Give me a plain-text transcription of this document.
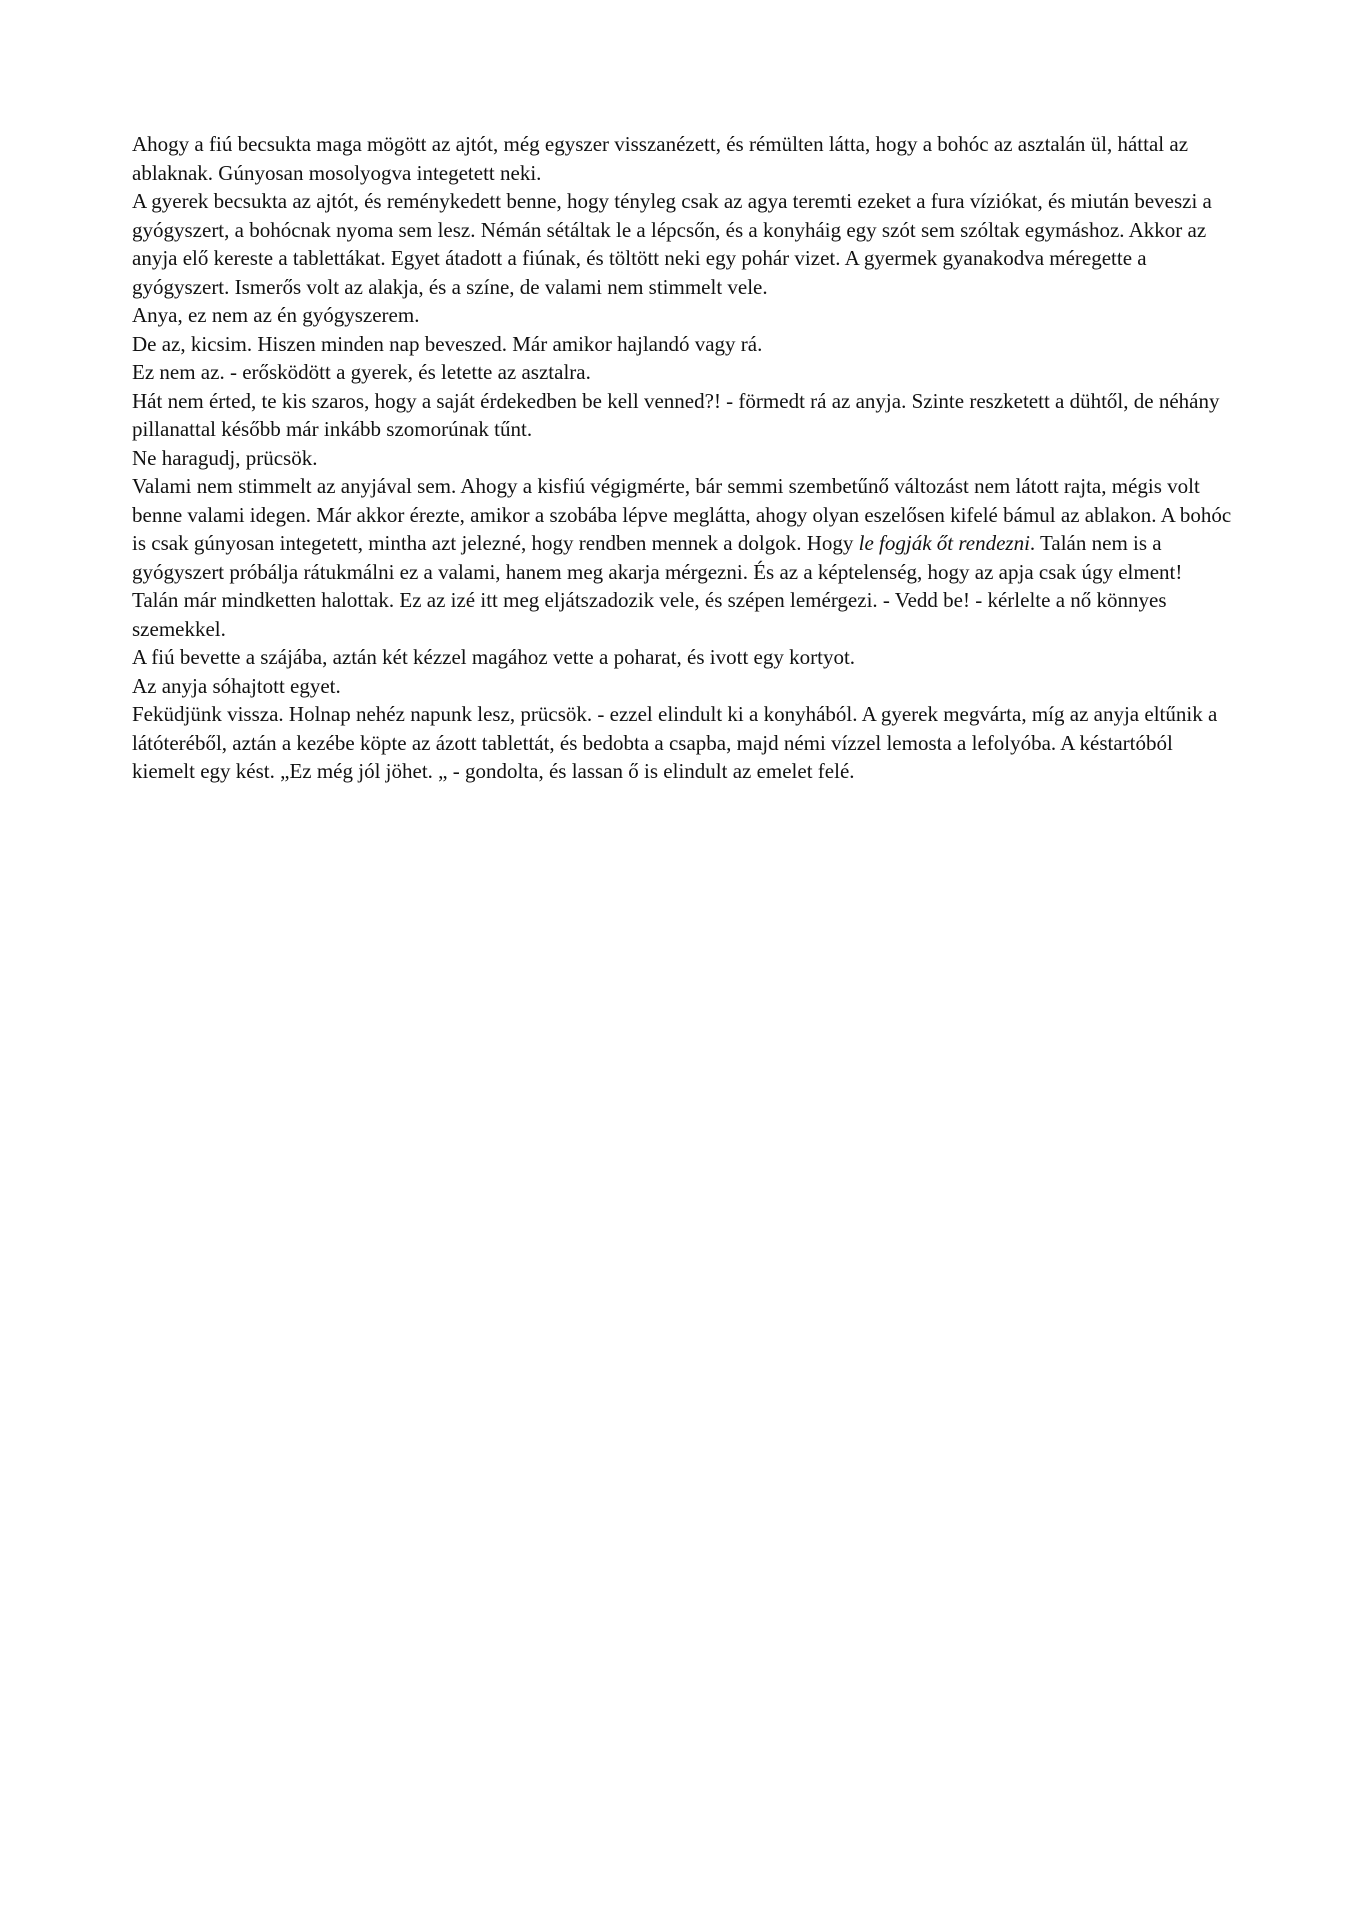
Ahogy a fiú becsukta maga mögött az ajtót, még egyszer visszanézett, és rémülten látta, hogy a bohóc az asztalán ül, háttal az ablaknak. Gúnyosan mosolyogva integetett neki.

A gyerek becsukta az ajtót, és reménykedett benne, hogy tényleg csak az agya teremti ezeket a fura víziókat, és miután beveszi a gyógyszert, a bohócnak nyoma sem lesz. Némán sétáltak le a lépcsőn, és a konyháig egy szót sem szóltak egymáshoz. Akkor az anyja elő kereste a tablettákat. Egyet átadott a fiúnak, és töltött neki egy pohár vizet. A gyermek gyanakodva méregette a gyógyszert. Ismerős volt az alakja, és a színe, de valami nem stimmelt vele.

Anya, ez nem az én gyógyszerem.

De az, kicsim. Hiszen minden nap beveszed. Már amikor hajlandó vagy rá.

Ez nem az. - erősködött a gyerek, és letette az asztalra.

Hát nem érted, te kis szaros, hogy a saját érdekedben be kell venned?! - förmedt rá az anyja. Szinte reszketett a dühtől, de néhány pillanattal később már inkább szomorúnak tűnt.

Ne haragudj, prücsök.

Valami nem stimmelt az anyjával sem. Ahogy a kisfiú végigmérte, bár semmi szembetűnő változást nem látott rajta, mégis volt benne valami idegen. Már akkor érezte, amikor a szobába lépve meglátta, ahogy olyan eszelősen kifelé bámul az ablakon. A bohóc is csak gúnyosan integetett, mintha azt jelezné, hogy rendben mennek a dolgok. Hogy le fogják őt rendezni. Talán nem is a gyógyszert próbálja rátukmálni ez a valami, hanem meg akarja mérgezni. És az a képtelenség, hogy az apja csak úgy elment! Talán már mindketten halottak. Ez az izé itt meg eljátszadozik vele, és szépen lemérgezi. - Vedd be! - kérlelte a nő könnyes szemekkel.

A fiú bevette a szájába, aztán két kézzel magához vette a poharat, és ivott egy kortyot.

Az anyja sóhajtott egyet.

Feküdjünk vissza. Holnap nehéz napunk lesz, prücsök. - ezzel elindult ki a konyhából. A gyerek megvárta, míg az anyja eltűnik a látóteréből, aztán a kezébe köpte az ázott tablettát, és bedobta a csapba, majd némi vízzel lemosta a lefolyóba. A késtartóból kiemelt egy kést. „Ez még jól jöhet. „ - gondolta, és lassan ő is elindult az emelet felé.
